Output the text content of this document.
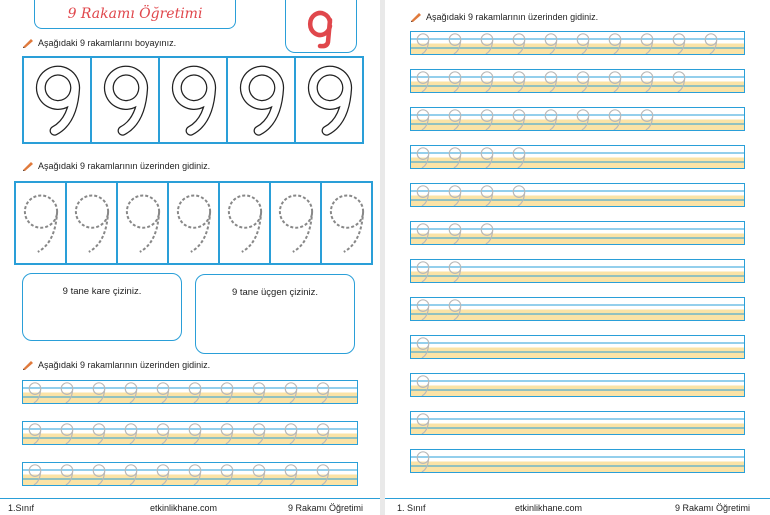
9 Rakamı Öğretimi
Aşağıdaki 9 rakamlarını boyayınız.
Aşağıdaki 9 rakamlarının üzerinden gidiniz.
9 tane kare çiziniz.	9 tane üçgen çiziniz.
Aşağıdaki 9 rakamlarının üzerinden gidiniz.
1.Sınıf	etkinlikhane.com	9 Rakamı Öğretimi
Aşağıdaki 9 rakamlarının üzerinden gidiniz.
1. Sınıf	etkinlikhane.com	9 Rakamı Öğretimi
